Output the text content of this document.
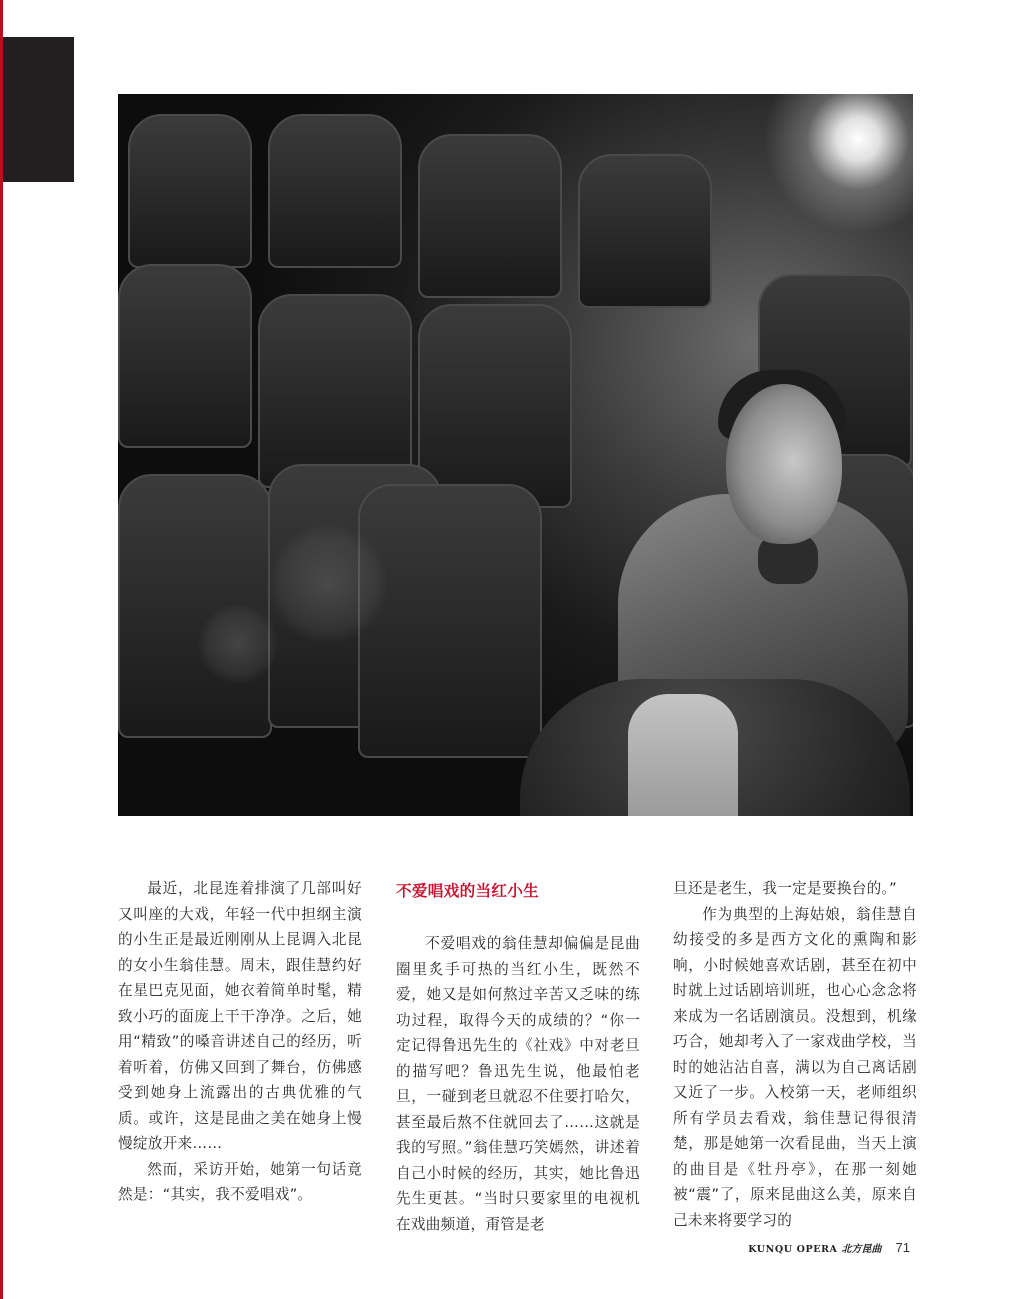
最近，北昆连着排演了几部叫好又叫座的大戏，年轻一代中担纲主演的小生正是最近刚刚从上昆调入北昆的女小生翁佳慧。周末，跟佳慧约好在星巴克见面，她衣着简单时髦，精致小巧的面庞上干干净净。之后，她用“精致”的嗓音讲述自己的经历，听着听着，仿佛又回到了舞台，仿佛感受到她身上流露出的古典优雅的气质。或许，这是昆曲之美在她身上慢慢绽放开来……

然而，采访开始，她第一句话竟然是：“其实，我不爱唱戏”。

不爱唱戏的当红小生

不爱唱戏的翁佳慧却偏偏是昆曲圈里炙手可热的当红小生，既然不爱，她又是如何熬过辛苦又乏味的练功过程，取得今天的成绩的？“你一定记得鲁迅先生的《社戏》中对老旦的描写吧？鲁迅先生说，他最怕老旦，一碰到老旦就忍不住要打哈欠，甚至最后熬不住就回去了……这就是我的写照。”翁佳慧巧笑嫣然，讲述着自己小时候的经历，其实，她比鲁迅先生更甚。“当时只要家里的电视机在戏曲频道，甭管是老

旦还是老生，我一定是要换台的。”

作为典型的上海姑娘，翁佳慧自幼接受的多是西方文化的熏陶和影响，小时候她喜欢话剧，甚至在初中时就上过话剧培训班，也心心念念将来成为一名话剧演员。没想到，机缘巧合，她却考入了一家戏曲学校，当时的她沾沾自喜，满以为自己离话剧又近了一步。入校第一天，老师组织所有学员去看戏，翁佳慧记得很清楚，那是她第一次看昆曲，当天上演的曲目是《牡丹亭》，在那一刻她被“震”了，原来昆曲这么美，原来自己未来将要学习的

KUNQU OPERA 北方昆曲 71
